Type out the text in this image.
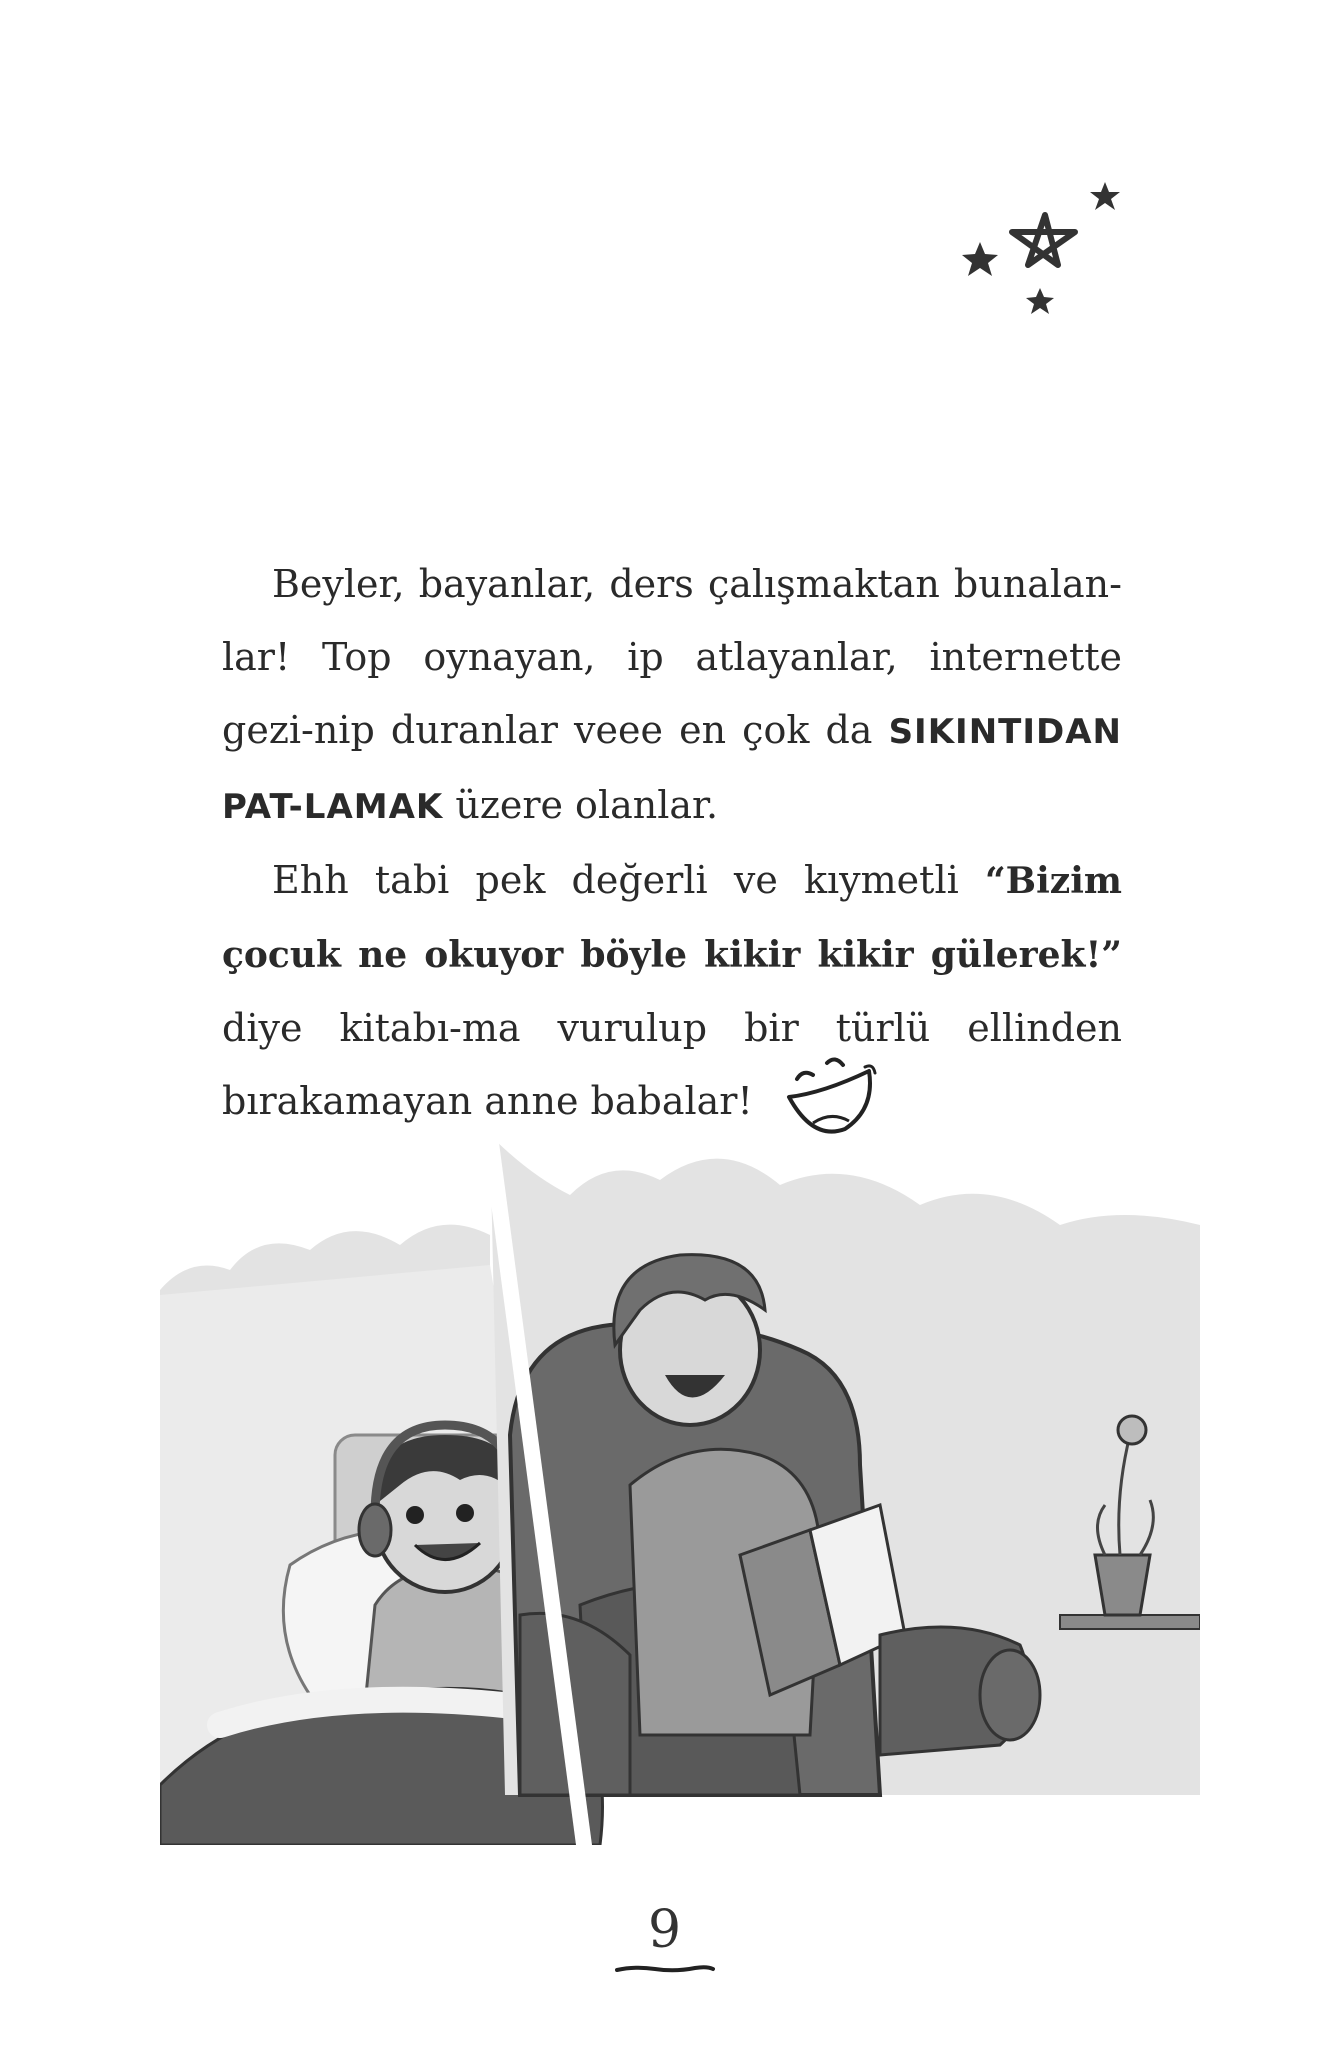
Beyler, bayanlar, ders çalışmaktan bunalan-lar! Top oynayan, ip atlayanlar, internette gezi-nip duranlar veee en çok da SIKINTIDAN PAT-LAMAK üzere olanlar.

Ehh tabi pek değerli ve kıymetli “Bizim çocuk ne okuyor böyle kikir kikir gülerek!” diye kitabı-ma vurulup bir türlü ellinden bırakamayan anne babalar!

9
